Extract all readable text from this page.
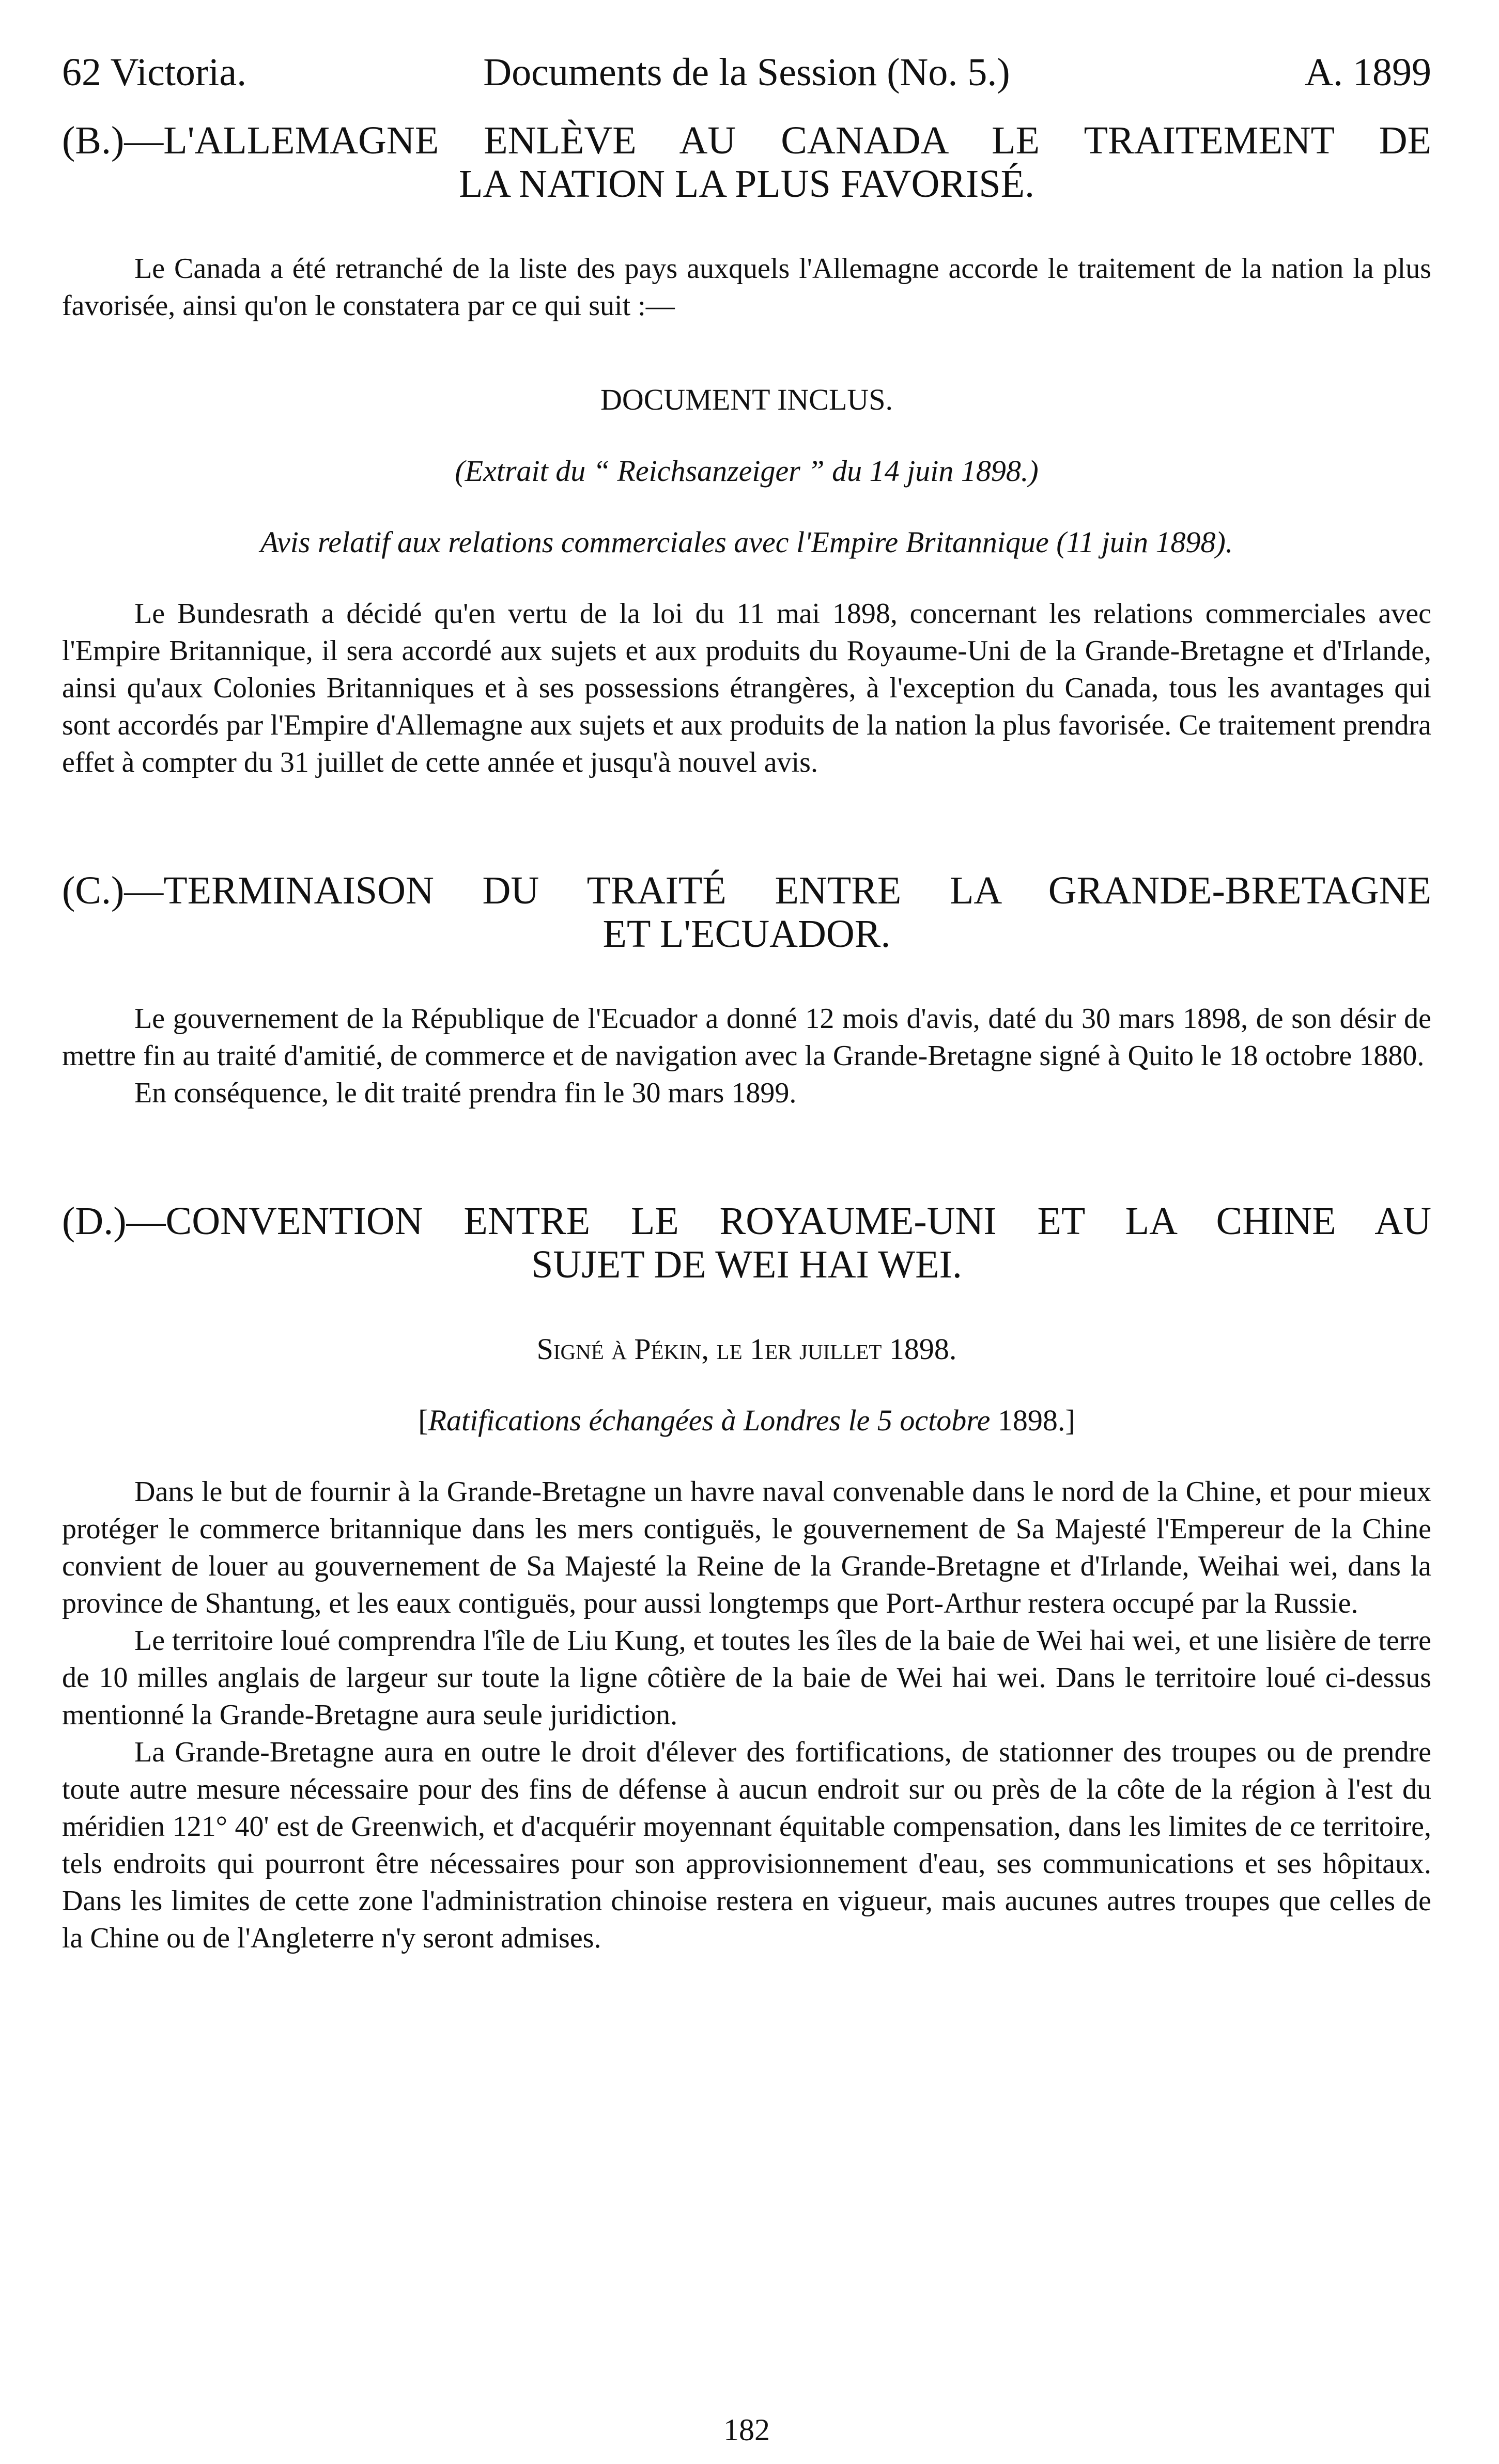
62 Victoria.	Documents de la Session (No. 5.)	A. 1899
(B.)—L'ALLEMAGNE ENLÈVE AU CANADA LE TRAITEMENT DE
LA NATION LA PLUS FAVORISÉ.

Le Canada a été retranché de la liste des pays auxquels l'Allemagne accorde le traitement de la nation la plus favorisée, ainsi qu'on le constatera par ce qui suit :—

DOCUMENT INCLUS.
(Extrait du “ Reichsanzeiger ” du 14 juin 1898.)
Avis relatif aux relations commerciales avec l'Empire Britannique (11 juin 1898).

Le Bundesrath a décidé qu'en vertu de la loi du 11 mai 1898, concernant les relations commerciales avec l'Empire Britannique, il sera accordé aux sujets et aux produits du Royaume-Uni de la Grande-Bretagne et d'Irlande, ainsi qu'aux Colonies Britanniques et à ses possessions étrangères, à l'exception du Canada, tous les avantages qui sont accordés par l'Empire d'Allemagne aux sujets et aux produits de la nation la plus favorisée. Ce traitement prendra effet à compter du 31 juillet de cette année et jusqu'à nouvel avis.

(C.)—TERMINAISON DU TRAITÉ ENTRE LA GRANDE-BRETAGNE
ET L'ECUADOR.

Le gouvernement de la République de l'Ecuador a donné 12 mois d'avis, daté du 30 mars 1898, de son désir de mettre fin au traité d'amitié, de commerce et de navigation avec la Grande-Bretagne signé à Quito le 18 octobre 1880.

En conséquence, le dit traité prendra fin le 30 mars 1899.

(D.)—CONVENTION ENTRE LE ROYAUME-UNI ET LA CHINE AU
SUJET DE WEI HAI WEI.
Signé à Pékin, le 1er juillet 1898.
[Ratifications échangées à Londres le 5 octobre 1898.]

Dans le but de fournir à la Grande-Bretagne un havre naval convenable dans le nord de la Chine, et pour mieux protéger le commerce britannique dans les mers contiguës, le gouvernement de Sa Majesté l'Empereur de la Chine convient de louer au gouvernement de Sa Majesté la Reine de la Grande-Bretagne et d'Irlande, Weihai wei, dans la province de Shantung, et les eaux contiguës, pour aussi longtemps que Port-Arthur restera occupé par la Russie.

Le territoire loué comprendra l'île de Liu Kung, et toutes les îles de la baie de Wei hai wei, et une lisière de terre de 10 milles anglais de largeur sur toute la ligne côtière de la baie de Wei hai wei. Dans le territoire loué ci-dessus mentionné la Grande-Bretagne aura seule juridiction.

La Grande-Bretagne aura en outre le droit d'élever des fortifications, de stationner des troupes ou de prendre toute autre mesure nécessaire pour des fins de défense à aucun endroit sur ou près de la côte de la région à l'est du méridien 121° 40' est de Greenwich, et d'acquérir moyennant équitable compensation, dans les limites de ce territoire, tels endroits qui pourront être nécessaires pour son approvisionnement d'eau, ses communications et ses hôpitaux. Dans les limites de cette zone l'administration chinoise restera en vigueur, mais aucunes autres troupes que celles de la Chine ou de l'Angleterre n'y seront admises.

182
